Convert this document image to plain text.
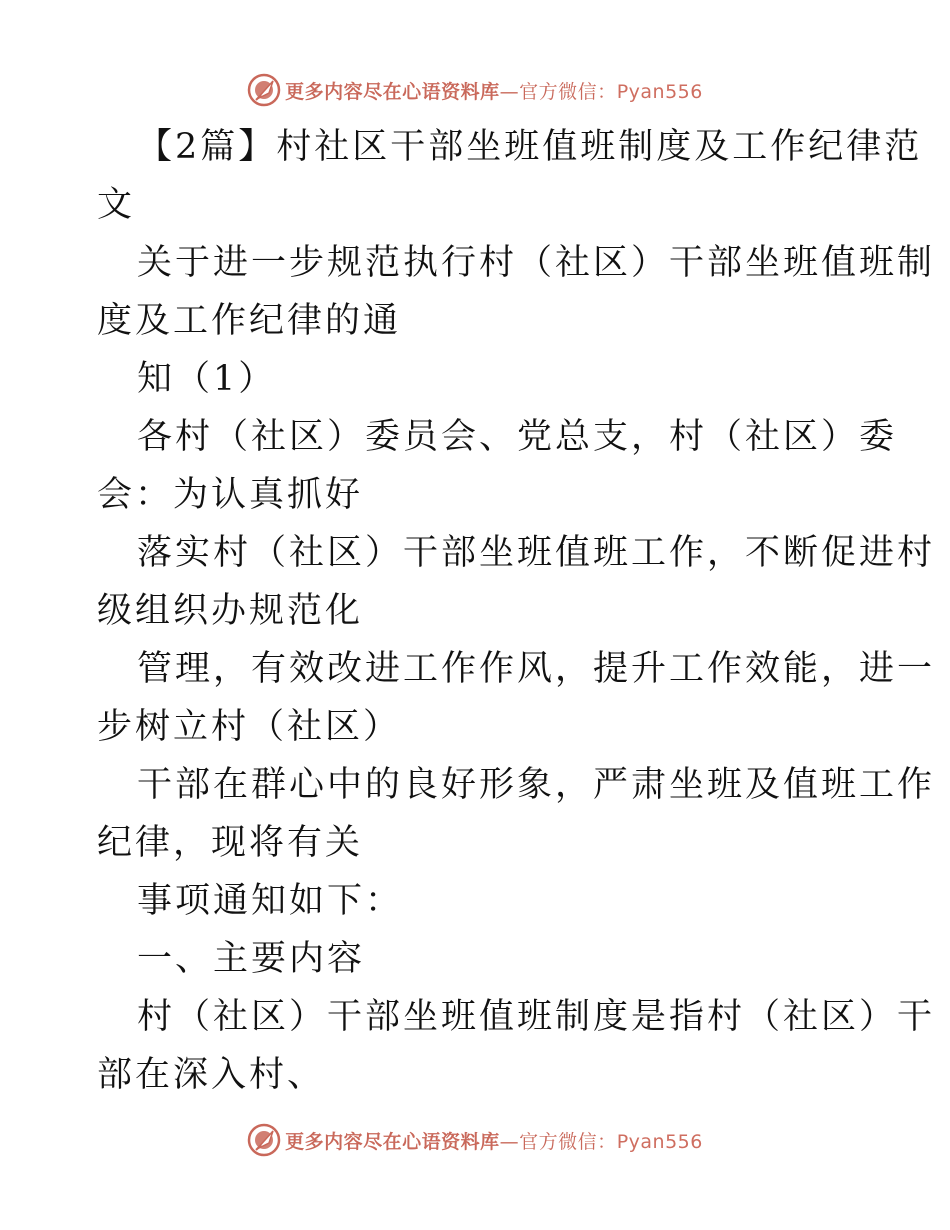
更多内容尽在心语资料库—官方微信：Pyan556
【2篇】村社区干部坐班值班制度及工作纪律范
文
关于进一步规范执行村（社区）干部坐班值班制
度及工作纪律的通
知（1）
各村（社区）委员会、党总支，村（社区）委
会：为认真抓好
落实村（社区）干部坐班值班工作，不断促进村
级组织办规范化
管理，有效改进工作作风，提升工作效能，进一
步树立村（社区）
干部在群心中的良好形象，严肃坐班及值班工作
纪律，现将有关
事项通知如下：
一、主要内容
村（社区）干部坐班值班制度是指村（社区）干
部在深入村、
更多内容尽在心语资料库—官方微信：Pyan556
